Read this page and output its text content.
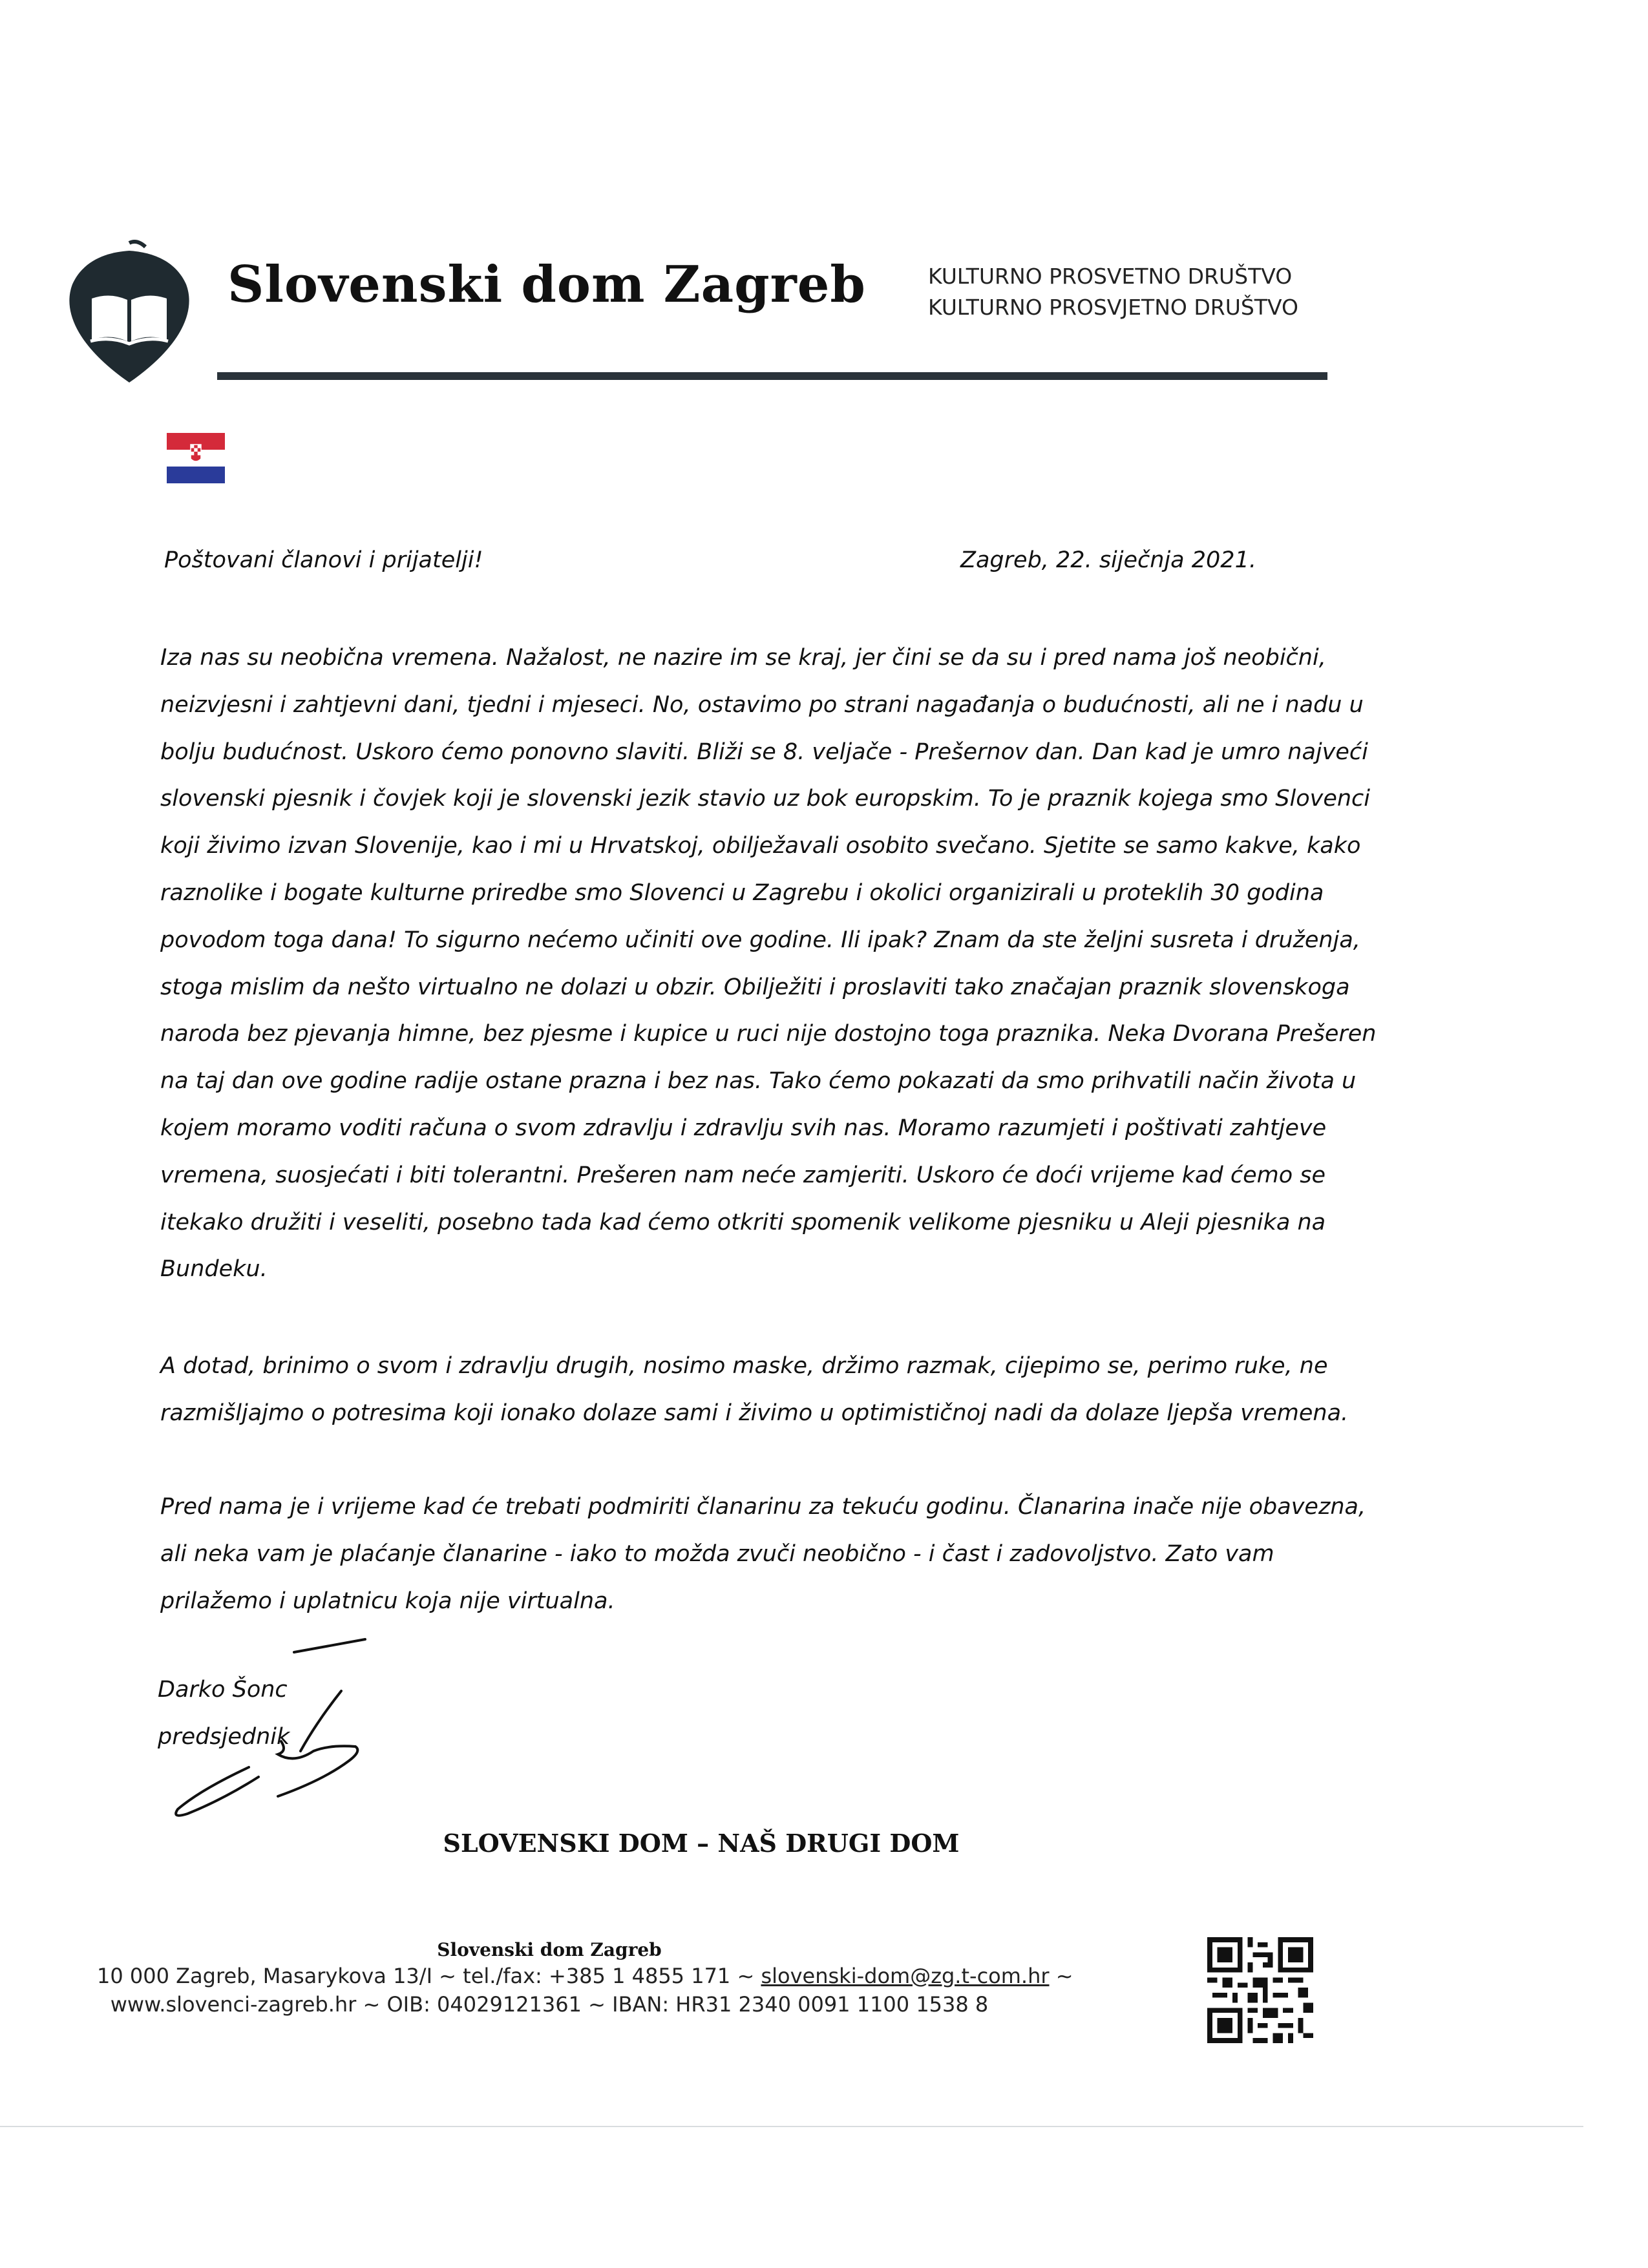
Slovenski dom Zagreb	KULTURNO PROSVETNO DRUŠTVO
KULTURNO PROSVJETNO DRUŠTVO
Poštovani članovi i prijatelji!	Zagreb, 22. siječnja 2021.
Iza nas su neobična vremena. Nažalost, ne nazire im se kraj, jer čini se da su i pred nama još neobični,
neizvjesni i zahtjevni dani, tjedni i mjeseci. No, ostavimo po strani nagađanja o budućnosti, ali ne i nadu u
bolju budućnost. Uskoro ćemo ponovno slaviti. Bliži se 8. veljače - Prešernov dan. Dan kad je umro najveći
slovenski pjesnik i čovjek koji je slovenski jezik stavio uz bok europskim. To je praznik kojega smo Slovenci
koji živimo izvan Slovenije, kao i mi u Hrvatskoj, obilježavali osobito svečano. Sjetite se samo kakve, kako
raznolike i bogate kulturne priredbe smo Slovenci u Zagrebu i okolici organizirali u proteklih 30 godina
povodom toga dana! To sigurno nećemo učiniti ove godine. Ili ipak? Znam da ste željni susreta i druženja,
stoga mislim da nešto virtualno ne dolazi u obzir. Obilježiti i proslaviti tako značajan praznik slovenskoga
naroda bez pjevanja himne, bez pjesme i kupice u ruci nije dostojno toga praznika. Neka Dvorana Prešeren
na taj dan ove godine radije ostane prazna i bez nas. Tako ćemo pokazati da smo prihvatili način života u
kojem moramo voditi računa o svom zdravlju i zdravlju svih nas. Moramo razumjeti i poštivati zahtjeve
vremena, suosjećati i biti tolerantni. Prešeren nam neće zamjeriti. Uskoro će doći vrijeme kad ćemo se
itekako družiti i veseliti, posebno tada kad ćemo otkriti spomenik velikome pjesniku u Aleji pjesnika na
Bundeku.
A dotad, brinimo o svom i zdravlju drugih, nosimo maske, držimo razmak, cijepimo se, perimo ruke, ne
razmišljajmo o potresima koji ionako dolaze sami i živimo u optimističnoj nadi da dolaze ljepša vremena.
Pred nama je i vrijeme kad će trebati podmiriti članarinu za tekuću godinu. Članarina inače nije obavezna,
ali neka vam je plaćanje članarine - iako to možda zvuči neobično - i čast i zadovoljstvo. Zato vam
prilažemo i uplatnicu koja nije virtualna.
Darko Šonc
predsjednik
SLOVENSKI DOM – NAŠ DRUGI DOM
Slovenski dom Zagreb
10 000 Zagreb, Masarykova 13/I ~ tel./fax: +385 1 4855 171 ~ slovenski-dom@zg.t-com.hr ~
www.slovenci-zagreb.hr ~ OIB: 04029121361 ~ IBAN: HR31 2340 0091 1100 1538 8
